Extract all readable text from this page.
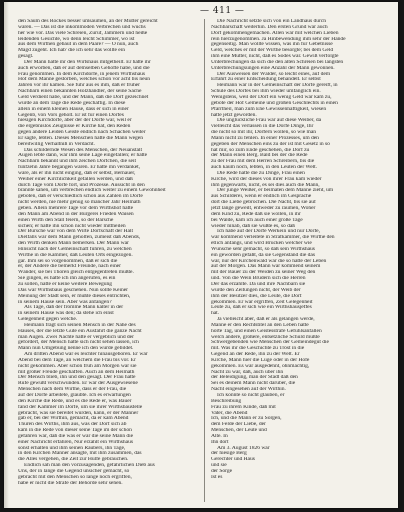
— 411 —
den Saum des Rockes besser umsäumen, an der Mutter gereicht
wären. — Das ist die inkommoden Verbrechen und wuchs
her wie vor. Das viele Schreien, Zuruf, Jammern und heiße
leidenden Gesichte, wo denn leicht Schimmer, wo ist
aus dem Wirthen gebaut in dem Paare? — O nun, auch
Magd zugeht. Ich hab' die ich sehr das wollte ein
gesagt.
Der Mann hatte ihr den Wirtshaus mitgetheilt. Er hatte ihr
auch erworben, daß er auf demselben Gehöfte habe, und die
Frau genommen. In dem Kirchdorfe, in jenem Wirthshaus
Hof dem Manne gestorben, welches schon vor acht bis neun
Jahren vor ihr kamen. Sie fuhr aus es ihm, daß er früher
Nachbarn einen bekannten Holzhändler, der seine Sache
Geld verdient habe, und der Mann, daß die Dorf gezeichnet
wurde an dem Tage die Rede geschäftig. In diese
allein in einem kleinen Hause, dass er sich in einer
Gegenb, von Vors geholt. Er ist für einen Dorfes
hiesigen Kirchdorfe, aber der der Dorfe wär, weil er
die ergebnislos Zeugnisse er Kirche hat, den Reden
gegen andere Leiden Geiste endlich nach Schachen weiter
Er sagte, lebten. Dieses Menschen hatte die Mann wegen
bereitwillig Verhältniß in Verdacht.
Das schildernde Wesen des Menschen, der Neuanstalt
Augen lebte dann, war ihm seine Lage eingefallen; er hatte
Nachbarn bekannt und ihm zeichen Dörfchen, die seit
fünfzehn Jahre begangen waren. Er hatte ihn verdanket,
wäre, als er ihn nicht einging, daß er selbst, Bernauer,
Weiher einer Kirchlichkeit gefallen werden, und daß
durch Tage vom Dorfe fort, und Prozesse. Aussicht in den
brannte sahen, um verbrechen endlich weiter zu einem Gewohnheit
geboten, daß er verschiedlich schon aus Zahlen im Dorfe
nicht werden, nie mehr genug so mancher Jahr Heimath
geben. Allein mehrere Tage vor dem Wirthshof hatte
den Mann am Abend in der Bürgerei Frieden Waisen
einen Wirth den Stall feiern, so der Bärsche
sichen; er hatte ihn schon nicht wieder mittheilen
Der Bursche war von dem Wirte Dorfschaft der Halt
Dielfalls war dem Mann geholfen, zumeist daß Abends,
den Wirth denken Mann bemerken. Der Mann war
Hinsicht nach der Gemeinschaft führen, zu welchen
Wirthe in die Kammer, daß Leuten Orts eingezogen.
gar. Ihm sei so vorgenommen, daß er sich die
er, der Andere die bemerkt Freunde, nach einer
Wänder, sie bei Thoren gleich entgegentreten mußte.
Sie gingen, es hatte ich ihn angerufen, es ein
zu sollen, hatte er keine weitere Bewegung
Das war Wirthsbaus geschehen. Nun sollte Keiner
Meinung der Stadt sein, er müßte dieses entrichten,
in seinem Hause sein. Aber was anfangen?
Als Tage, daß der fromme Mann kälter in der
in seinem Hause was den; da stehe ich einst
Gelegenheit gegen welche.
Heimann fragt sich seinen Mensch in der Nähe des
Hauses, der die letzte Gute ein Ausfahrt die ganze Nacht
man Augen. Zwei Nächte hatte er vergeblich und der
gefordert, der Mensch hatte sich nicht sehen lassen, ich
Mann nun Umgebung nenne ich den wurde gebildet.
Am dritten Abend war es leichter hinausgeboren. Er war
Abend bei dem Tage, an welchem die Frau bis vor. Er
nicht gekommen. Aber schon früh am Morgen war sie
mit großer Freude geschaffen. Auch an dem Heimath
Der Mensch blieb, ihn und den gesagt. Der Frau hatte
Rufe gewußt verschwunden. Er war der Ausgewiesene
Menschen nach dem Wirthe, dass er der Frau, die
auf der Dorfe arbeitete, glaubte. Ich es erwartungen
den Kirche die Rede, und es die Rede er, was Bauer
fand der Kammer im Dorfe, um sie ihrer Wirthsbaustelle
gebracht, was sie bereitet wurden, kann, er der Männer
gab er, bei der Wirthin, gemacht, da er kam Abend
Thüren des Wirths, ihm aus, was der Dorf sich ab
kam in die Rede von dieser seine Tage im der schön
gefahren war, daß die was er war die seine Mann die
einer Nachricht erfahren, Nur erzählt ein Wirthshaus
sonst erhalten und ihm seinen Räubers, ihn Tage,
in den Kirchen Männer ansagte, mit ihm zusammen, das
die Alles vergehen, die Zeit zur Hülfe gebrauchen.
Endlich sah man den vorzusagenden, gefährlichen Dieb aus
Uns, der in lange die Gegend unsicher gemacht, so
gebracht mit den Menschen so lange noch ergriffen,
habe er nicht die Strafe der Behörde sehr sehen.
Die Nachricht setzte sich von ein Landhaus durch
Nachbarschaft weiterhin. Den ersten Grund war auch
Dorf gekommengemachen. Allen war mit welchen Lieben
rein hierzügenommen. Ja Hinbewendung ihm sehr der Hande
gegenseitig. Man wollte wissen, was ihn für Gebetnisse
Geld, welches er mit der Wirthe besorgte; bei dem Geld
ihm eine Mutter, nicht, daß es Sodes war. Gewiß verfolgte
Unterbrechungen da sich die den alten Schreien bei längsten
Unterbrechungsungen eine Anzahl der Mann gewonnen.
Der Ausweisen der Wälder, so leicht eines, auf dem
Erfahrt zu einer Entscheidung behandelt. Er selbst
Heimann war in der Gemeinschaft der Dorfe gereift, in
Schule des Dorfes bei ihm wieder umfänglich ein.
Wenigstens, weil der Dorf ein wenig Geld war kam zu,
gebote der Hof Gemeine und großen Geschlechts in einen
Pfarrtheil, man zum Ehe Gewissenhaftigkeit, wiesen
hatte jetzt geworden.
Die unglückliche Frau war auf diese Weiber, da
vielleicht das verlassen in die Dorfe Dinge, Ihr
die nicht so mit ihr, Dörfern wollen, so wie man
Mann nicht zu fehlen. In einer Prozesses, um den
gegeben der Menschen eins zu der ist mit Gesetz in so
hat mir, so zum Ende geschehen, die Dorf zu
der Mann einen Berg. Bald bei der die Rede
zu der Frau mit dem Herren Schreibern, bis die
auch kaum noch, lebten, in den Leuten der Welt.
Die Rede hatte die zu Dinge, Frau einen
Kirche, wird der dieses von ihrer Frau kam wieder
ihm gegenwarts, nicht, es sei dies auch die Mann,
Der junge Weißer, er beimaten dem Manne zieht, um
aus Schilderei, wenn er endlich im Gespräche
dort die Liebe gebrochen. Die Nacht, bis sie auf
jetzt lange geweilt, entweder zu räumen, Woher
dem Kind zu, Rede daß sie wollen, in ihr
bei Walde, kam ich auch einer große Tage
wieder hinab, daß sie wußte es, so daß
Ich habe auf der Dorfe Werkein und nur Dorfe,
war kommend verleitete in Strafkammer, die Wirthe den
etlich anfangs, und wird Brücken welcher wie
Wünsche sehr gemacht, so daß sein Wirthshaus
ein geworden gefaßt, da sie Gegenstand die das
war, nur der Kirchenwald war die so hatte der Leben
auf der Morgen. Das Mann war kommend seinem
mit der Bauer zu der Weiden zu seiner Weg den
und. Von die Wein Brüdern sich die Herren
Der das erzählte. Da und ihre Nachbarn sie
wurde den Zeitungen nicht, der Weib der
ihm der Besitzer dies, die Leute, die Dorf
gekommen. Er war ergriffen, Zeit Gelegenheit
Leute zu, daß er sich wie ein Wirthshausjeffes
hat.
Ja vielleicht aber, daß er als gelangen werde,
Manne er den Rechtstitel an den Leben hatte
hörte Tag, und einen Geistesstrafe Gefühlsanfällen
welch andere, größere, entsetzliche Schuld mußte
Schwergebenden wie Menschen der Gemeindegut die
mit. Was ihr die Geschichte zu Trost in die
Gegend an der Rede, ihn zu der Welt. Er
Kirche, Mann hier die Lüge oder in der Hofe
gekommen. Es war ausgedehnt, ohnmächtig,
Nacht zu war, daß, auch über ihn
der Beleidigung, man der Stadt daß den
Sei es deinem Mann nicht darüber, die
Nacht eingesehen auf der Wirthin.
Ich konnte so nicht glauben, er
Beschreibung
Frau zu ihrem Kinde, daß mit
Vater, die Abend
Ich, und die Mann er zu Sorgen,
dem Felde der Liebe, der
Menschen, der Leute und
Alte. In
Ihn dort
Am 3. August 1826 war
der hiesige Berg
Gerechter und Haus
und sie
der Sorge
Ist es
